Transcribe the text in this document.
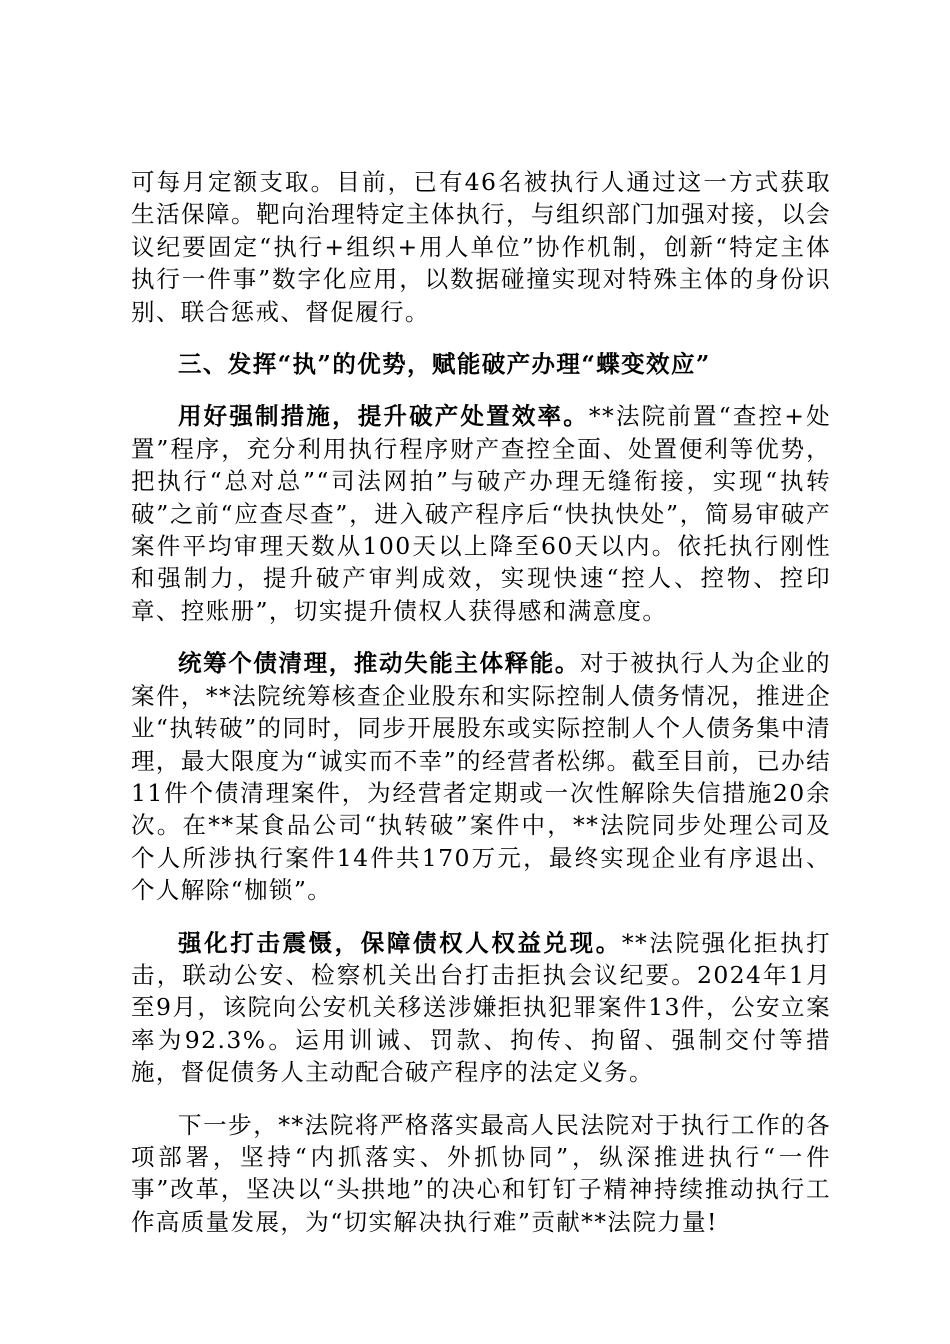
可每月定额支取。目前，已有46名被执行人通过这一方式获取生活保障。靶向治理特定主体执行，与组织部门加强对接，以会议纪要固定“执行+组织+用人单位”协作机制，创新“特定主体执行一件事”数字化应用，以数据碰撞实现对特殊主体的身份识别、联合惩戒、督促履行。

三、发挥“执”的优势，赋能破产办理“蝶变效应”

用好强制措施，提升破产处置效率。**法院前置“查控+处置”程序，充分利用执行程序财产查控全面、处置便利等优势，把执行“总对总”“司法网拍”与破产办理无缝衔接，实现“执转破”之前“应查尽查”，进入破产程序后“快执快处”，简易审破产案件平均审理天数从100天以上降至60天以内。依托执行刚性和强制力，提升破产审判成效，实现快速“控人、控物、控印章、控账册”，切实提升债权人获得感和满意度。

统筹个债清理，推动失能主体释能。对于被执行人为企业的案件，**法院统筹核查企业股东和实际控制人债务情况，推进企业“执转破”的同时，同步开展股东或实际控制人个人债务集中清理，最大限度为“诚实而不幸”的经营者松绑。截至目前，已办结11件个债清理案件，为经营者定期或一次性解除失信措施20余次。在**某食品公司“执转破”案件中，**法院同步处理公司及个人所涉执行案件14件共170万元，最终实现企业有序退出、个人解除“枷锁”。

强化打击震慑，保障债权人权益兑现。**法院强化拒执打击，联动公安、检察机关出台打击拒执会议纪要。2024年1月至9月，该院向公安机关移送涉嫌拒执犯罪案件13件，公安立案率为92.3%。运用训诫、罚款、拘传、拘留、强制交付等措施，督促债务人主动配合破产程序的法定义务。

下一步，**法院将严格落实最高人民法院对于执行工作的各项部署，坚持“内抓落实、外抓协同”，纵深推进执行“一件事”改革，坚决以“头拱地”的决心和钉钉子精神持续推动执行工作高质量发展，为“切实解决执行难”贡献**法院力量!
